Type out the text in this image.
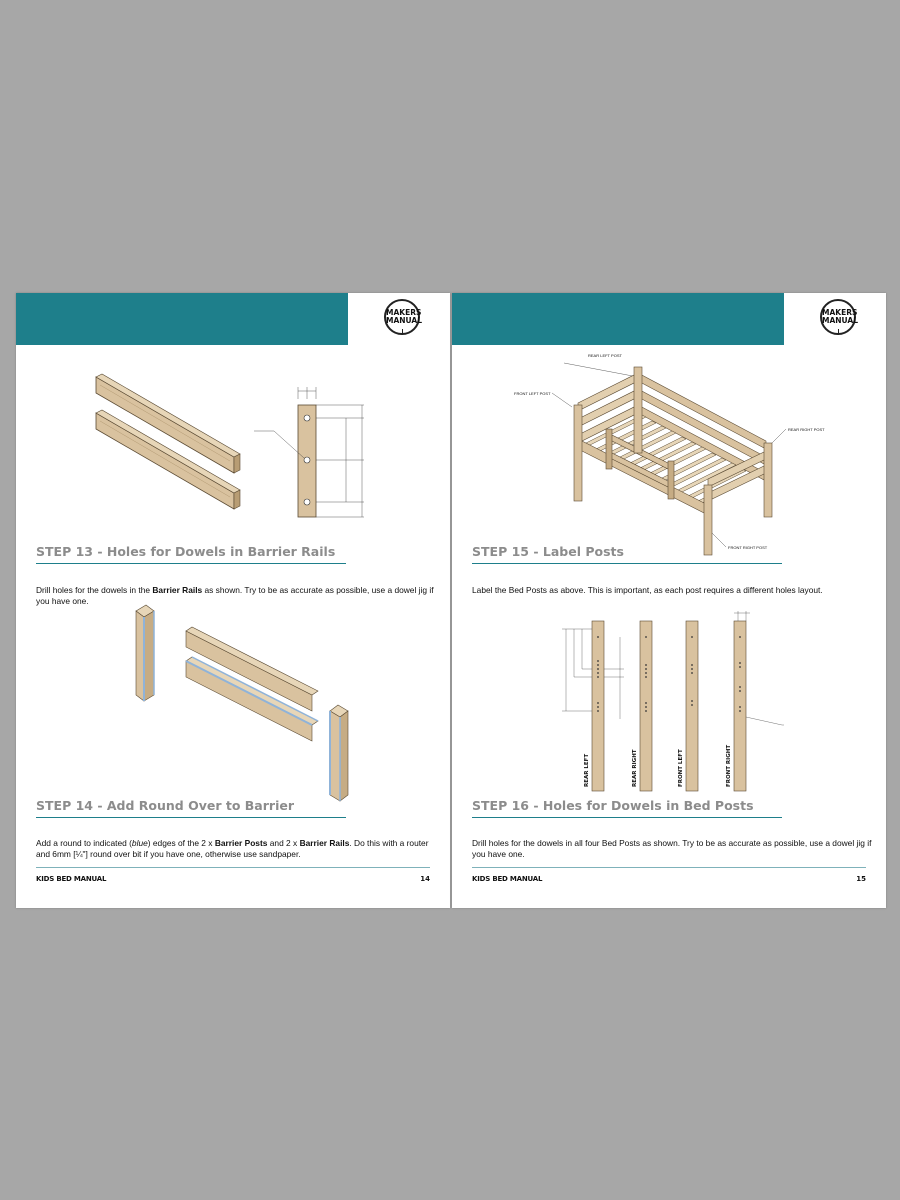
MAKERS
MANUAL
STEP 13 - Holes for Dowels in Barrier Rails
Drill holes for the dowels in the Barrier Rails as shown. Try to be as accurate as possible, use a dowel jig if you have one.
STEP 14 - Add Round Over to Barrier
Add a round to indicated (blue) edges of the 2 x Barrier Posts and 2 x Barrier Rails. Do this with a router and 6mm [¼"] round over bit if you have one, otherwise use sandpaper.
KIDS BED MANUAL	14
MAKERS
MANUAL
REAR LEFT POST
FRONT LEFT POST
REAR RIGHT POST
FRONT RIGHT POST
STEP 15 - Label Posts
Label the Bed Posts as above. This is important, as each post requires a different holes layout.
REAR LEFT	REAR RIGHT	FRONT LEFT	FRONT RIGHT
STEP 16 - Holes for Dowels in Bed Posts
Drill holes for the dowels in all four Bed Posts as shown. Try to be as accurate as possible, use a dowel jig if you have one.
KIDS BED MANUAL	15
